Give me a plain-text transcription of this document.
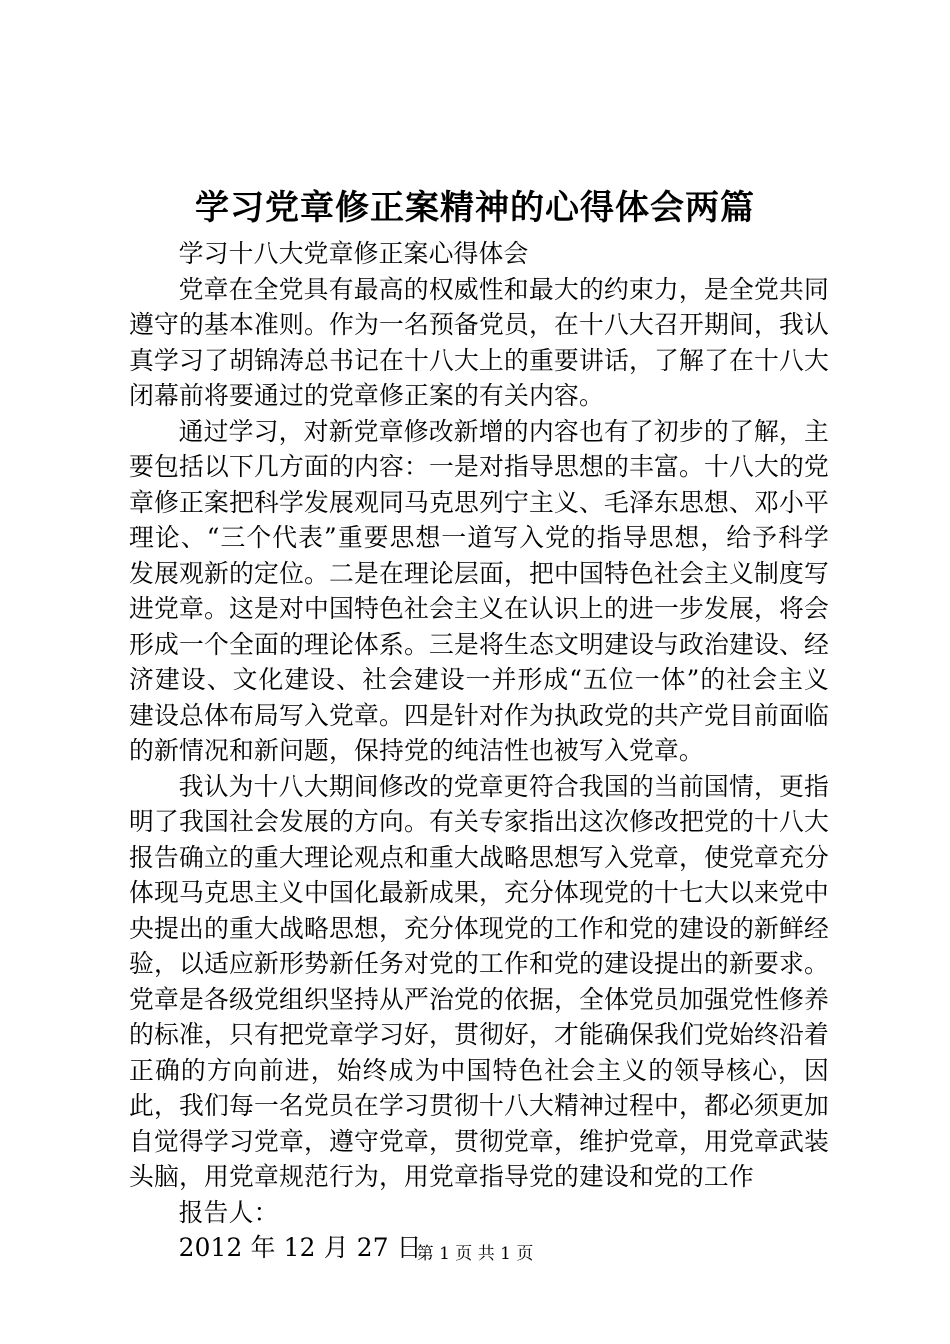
学习党章修正案精神的心得体会两篇

学习十八大党章修正案心得体会

党章在全党具有最高的权威性和最大的约束力，是全党共同遵守的基本准则。作为一名预备党员，在十八大召开期间，我认真学习了胡锦涛总书记在十八大上的重要讲话，了解了在十八大闭幕前将要通过的党章修正案的有关内容。

通过学习，对新党章修改新增的内容也有了初步的了解，主要包括以下几方面的内容：一是对指导思想的丰富。十八大的党章修正案把科学发展观同马克思列宁主义、毛泽东思想、邓小平理论、“三个代表”重要思想一道写入党的指导思想，给予科学发展观新的定位。二是在理论层面，把中国特色社会主义制度写进党章。这是对中国特色社会主义在认识上的进一步发展，将会形成一个全面的理论体系。三是将生态文明建设与政治建设、经济建设、文化建设、社会建设一并形成“五位一体”的社会主义建设总体布局写入党章。四是针对作为执政党的共产党目前面临的新情况和新问题，保持党的纯洁性也被写入党章。

我认为十八大期间修改的党章更符合我国的当前国情，更指明了我国社会发展的方向。有关专家指出这次修改把党的十八大报告确立的重大理论观点和重大战略思想写入党章，使党章充分体现马克思主义中国化最新成果，充分体现党的十七大以来党中央提出的重大战略思想，充分体现党的工作和党的建设的新鲜经验，以适应新形势新任务对党的工作和党的建设提出的新要求。党章是各级党组织坚持从严治党的依据，全体党员加强党性修养的标准，只有把党章学习好，贯彻好，才能确保我们党始终沿着正确的方向前进，始终成为中国特色社会主义的领导核心，因此，我们每一名党员在学习贯彻十八大精神过程中，都必须更加自觉得学习党章，遵守党章，贯彻党章，维护党章，用党章武装头脑，用党章规范行为，用党章指导党的建设和党的工作

报告人：

2012 年 12 月 27 日

第 1 页 共 1 页
